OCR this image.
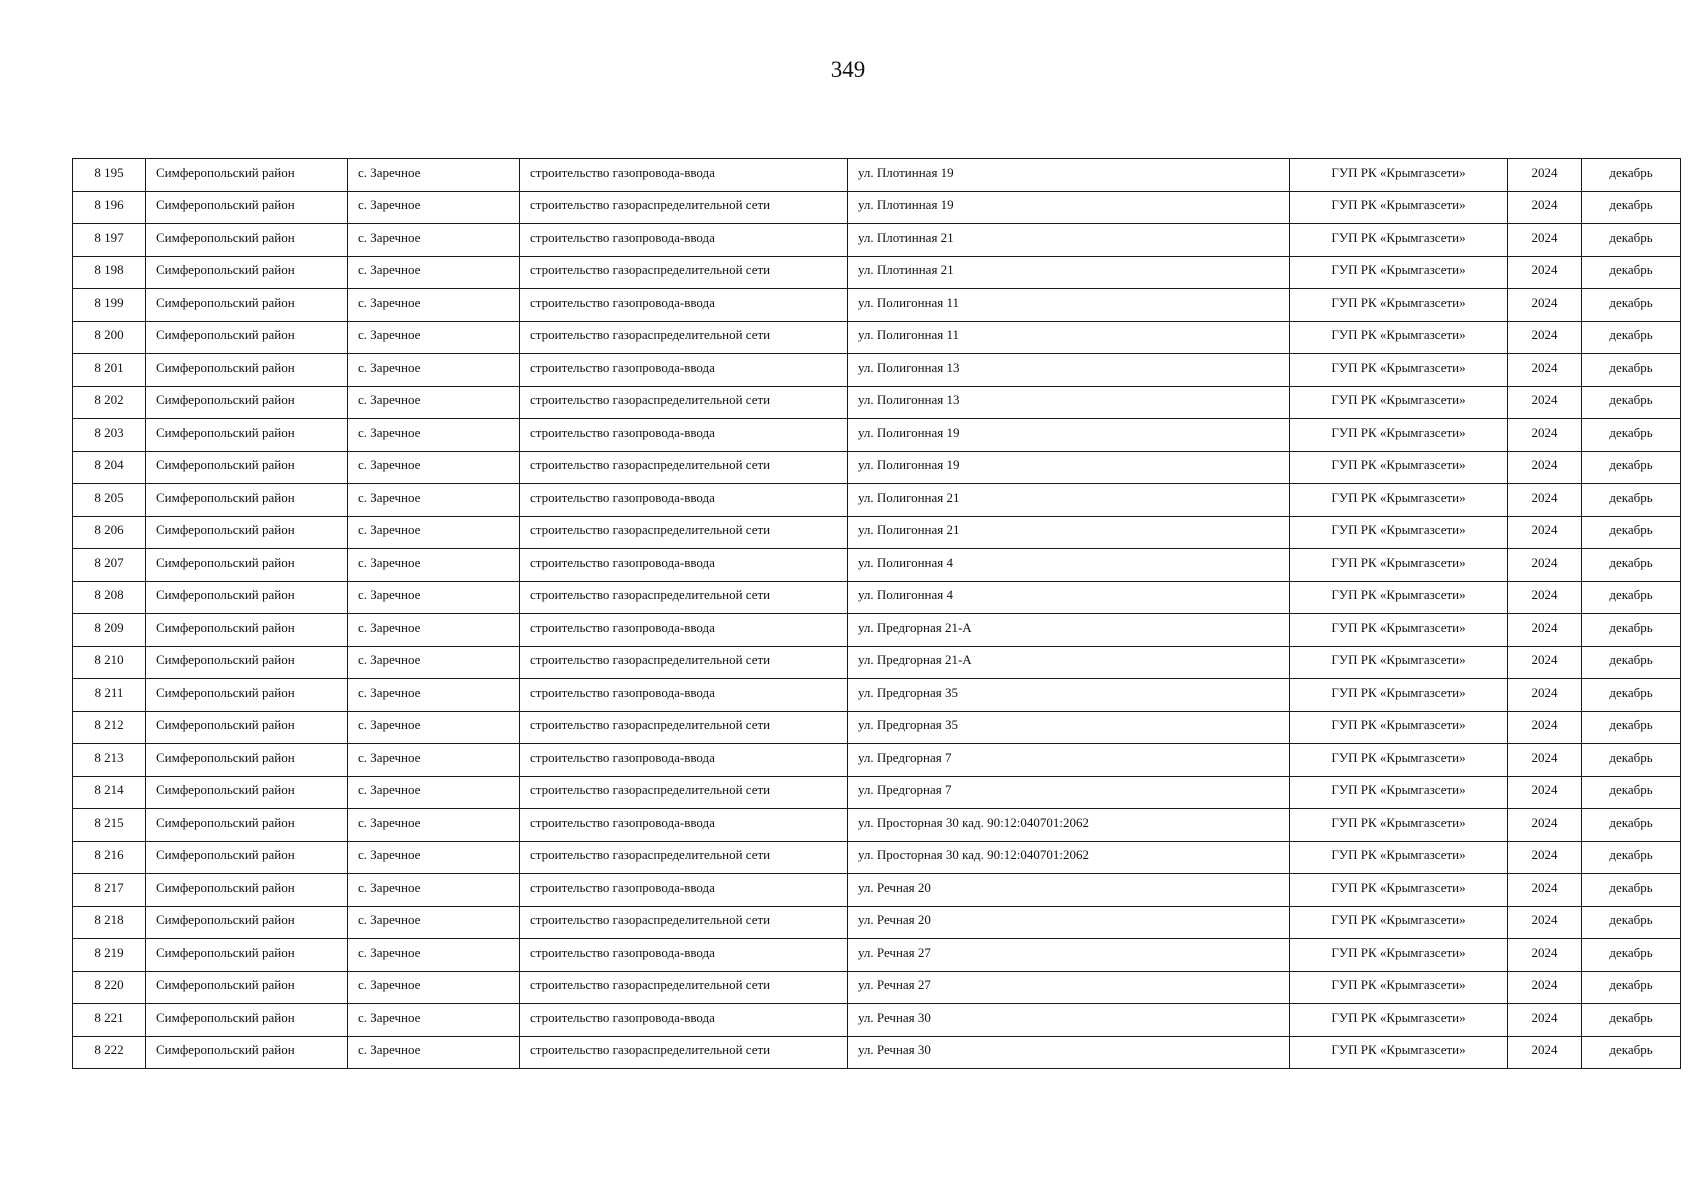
349
8 195	Симферопольский район	с. Заречное	строительство газопровода-ввода	ул. Плотинная 19	ГУП РК «Крымгазсети»	2024	декабрь
8 196	Симферопольский район	с. Заречное	строительство газораспределительной сети	ул. Плотинная 19	ГУП РК «Крымгазсети»	2024	декабрь
8 197	Симферопольский район	с. Заречное	строительство газопровода-ввода	ул. Плотинная 21	ГУП РК «Крымгазсети»	2024	декабрь
8 198	Симферопольский район	с. Заречное	строительство газораспределительной сети	ул. Плотинная 21	ГУП РК «Крымгазсети»	2024	декабрь
8 199	Симферопольский район	с. Заречное	строительство газопровода-ввода	ул. Полигонная 11	ГУП РК «Крымгазсети»	2024	декабрь
8 200	Симферопольский район	с. Заречное	строительство газораспределительной сети	ул. Полигонная 11	ГУП РК «Крымгазсети»	2024	декабрь
8 201	Симферопольский район	с. Заречное	строительство газопровода-ввода	ул. Полигонная 13	ГУП РК «Крымгазсети»	2024	декабрь
8 202	Симферопольский район	с. Заречное	строительство газораспределительной сети	ул. Полигонная 13	ГУП РК «Крымгазсети»	2024	декабрь
8 203	Симферопольский район	с. Заречное	строительство газопровода-ввода	ул. Полигонная 19	ГУП РК «Крымгазсети»	2024	декабрь
8 204	Симферопольский район	с. Заречное	строительство газораспределительной сети	ул. Полигонная 19	ГУП РК «Крымгазсети»	2024	декабрь
8 205	Симферопольский район	с. Заречное	строительство газопровода-ввода	ул. Полигонная 21	ГУП РК «Крымгазсети»	2024	декабрь
8 206	Симферопольский район	с. Заречное	строительство газораспределительной сети	ул. Полигонная 21	ГУП РК «Крымгазсети»	2024	декабрь
8 207	Симферопольский район	с. Заречное	строительство газопровода-ввода	ул. Полигонная 4	ГУП РК «Крымгазсети»	2024	декабрь
8 208	Симферопольский район	с. Заречное	строительство газораспределительной сети	ул. Полигонная 4	ГУП РК «Крымгазсети»	2024	декабрь
8 209	Симферопольский район	с. Заречное	строительство газопровода-ввода	ул. Предгорная 21-А	ГУП РК «Крымгазсети»	2024	декабрь
8 210	Симферопольский район	с. Заречное	строительство газораспределительной сети	ул. Предгорная 21-А	ГУП РК «Крымгазсети»	2024	декабрь
8 211	Симферопольский район	с. Заречное	строительство газопровода-ввода	ул. Предгорная 35	ГУП РК «Крымгазсети»	2024	декабрь
8 212	Симферопольский район	с. Заречное	строительство газораспределительной сети	ул. Предгорная 35	ГУП РК «Крымгазсети»	2024	декабрь
8 213	Симферопольский район	с. Заречное	строительство газопровода-ввода	ул. Предгорная 7	ГУП РК «Крымгазсети»	2024	декабрь
8 214	Симферопольский район	с. Заречное	строительство газораспределительной сети	ул. Предгорная 7	ГУП РК «Крымгазсети»	2024	декабрь
8 215	Симферопольский район	с. Заречное	строительство газопровода-ввода	ул. Просторная 30 кад. 90:12:040701:2062	ГУП РК «Крымгазсети»	2024	декабрь
8 216	Симферопольский район	с. Заречное	строительство газораспределительной сети	ул. Просторная 30 кад. 90:12:040701:2062	ГУП РК «Крымгазсети»	2024	декабрь
8 217	Симферопольский район	с. Заречное	строительство газопровода-ввода	ул. Речная 20	ГУП РК «Крымгазсети»	2024	декабрь
8 218	Симферопольский район	с. Заречное	строительство газораспределительной сети	ул. Речная 20	ГУП РК «Крымгазсети»	2024	декабрь
8 219	Симферопольский район	с. Заречное	строительство газопровода-ввода	ул. Речная 27	ГУП РК «Крымгазсети»	2024	декабрь
8 220	Симферопольский район	с. Заречное	строительство газораспределительной сети	ул. Речная 27	ГУП РК «Крымгазсети»	2024	декабрь
8 221	Симферопольский район	с. Заречное	строительство газопровода-ввода	ул. Речная 30	ГУП РК «Крымгазсети»	2024	декабрь
8 222	Симферопольский район	с. Заречное	строительство газораспределительной сети	ул. Речная 30	ГУП РК «Крымгазсети»	2024	декабрь
